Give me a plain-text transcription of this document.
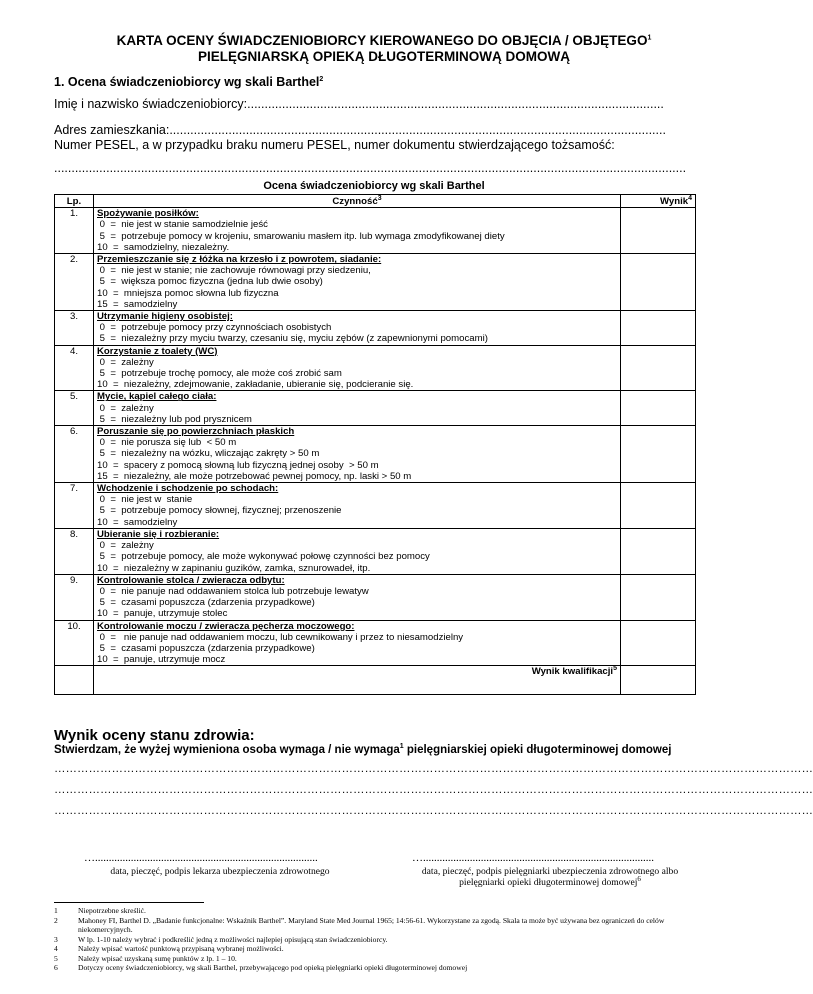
KARTA OCENY ŚWIADCZENIOBIORCY KIEROWANEGO DO OBJĘCIA / OBJĘTEGO$^1$
PIELĘGNIARSKĄ OPIEKĄ DŁUGOTERMINOWĄ DOMOWĄ
1. Ocena świadczeniobiorcy wg skali Barthel$^2$
Imię i nazwisko świadczeniobiorcy:........................................................................................................................
Adres zamieszkania:...............................................................................................................................................
Numer PESEL, a w przypadku braku numeru PESEL, numer dokumentu stwierdzającego tożsamość:
......................................................................................................................................................................................
Ocena świadczeniobiorcy wg skali Barthel
Lp.	Czynność$^3$	Wynik$^4$
1.	Spożywanie posiłków:
0  =  nie jest w stanie samodzielnie jeść
5  =  potrzebuje pomocy w krojeniu, smarowaniu masłem itp. lub wymaga zmodyfikowanej diety
10  =  samodzielny, niezależny.	

2.	Przemieszczanie się z łóżka na krzesło i z powrotem, siadanie:
0  =  nie jest w stanie; nie zachowuje równowagi przy siedzeniu,
5  =  większa pomoc fizyczna (jedna lub dwie osoby)
10  =  mniejsza pomoc słowna lub fizyczna
15  =  samodzielny	

3.	Utrzymanie higieny osobistej:
0  =  potrzebuje pomocy przy czynnościach osobistych
5  =  niezależny przy myciu twarzy, czesaniu się, myciu zębów (z zapewnionymi pomocami)	

4.	Korzystanie z toalety (WC)
0  =  zależny
5  =  potrzebuje trochę pomocy, ale może coś zrobić sam
10  =  niezależny, zdejmowanie, zakładanie, ubieranie się, podcieranie się.	

5.	Mycie, kąpiel całego ciała:
0  =  zależny
5  =  niezależny lub pod prysznicem	

6.	Poruszanie się po powierzchniach płaskich
0  =  nie porusza się lub  < 50 m
5  =  niezależny na wózku, wliczając zakręty > 50 m
10  =  spacery z pomocą słowną lub fizyczną jednej osoby  > 50 m
15  =  niezależny, ale może potrzebować pewnej pomocy, np. laski > 50 m	

7.	Wchodzenie i schodzenie po schodach:
0  =  nie jest w  stanie
5  =  potrzebuje pomocy słownej, fizycznej; przenoszenie
10  =  samodzielny	

8.	Ubieranie się i rozbieranie:
0  =  zależny
5  =  potrzebuje pomocy, ale może wykonywać połowę czynności bez pomocy
10  =  niezależny w zapinaniu guzików, zamka, sznurowadeł, itp.	

9.	Kontrolowanie stolca / zwieracza odbytu:
0  =  nie panuje nad oddawaniem stolca lub potrzebuje lewatyw
5  =  czasami popuszcza (zdarzenia przypadkowe)
10  =  panuje, utrzymuje stolec	

10.	Kontrolowanie moczu / zwieracza pęcherza moczowego:
0  =   nie panuje nad oddawaniem moczu, lub cewnikowany i przez to niesamodzielny
5  =  czasami popuszcza (zdarzenia przypadkowe)
10  =  panuje, utrzymuje mocz	

	Wynik kwalifikacji$^5$	
Wynik oceny stanu zdrowia:
Stwierdzam, że wyżej wymieniona osoba wymaga / nie wymaga$^1$ pielęgniarskiej opieki długoterminowej domowej
………………………………………………………………………………………………………………………………………………………………………………
………………………………………………………………………………………………………………………………………………………………………………
………………………………………………………………………………………………………………………………………………………………………………
….................................................................................
data, pieczęć, podpis lekarza ubezpieczenia zdrowotnego
…....................................................................................
data, pieczęć, podpis pielęgniarki ubezpieczenia zdrowotnego albo
pielęgniarki opieki długoterminowej domowej$^6$
1	Niepotrzebne skreślić.
2	Mahoney FI, Barthel D. „Badanie funkcjonalne: Wskaźnik Barthel”. Maryland State Med Journal 1965; 14:56-61. Wykorzystane za zgodą. Skala ta może być używana bez ograniczeń do celów niekomercyjnych.
3	W lp. 1-10 należy wybrać i podkreślić jedną z możliwości najlepiej opisującą stan świadczeniobiorcy.
4	Należy wpisać wartość punktową przypisaną wybranej możliwości.
5	Należy wpisać uzyskaną sumę punktów z lp. 1 – 10.
6	Dotyczy oceny świadczeniobiorcy, wg skali Barthel, przebywającego pod opieką pielęgniarki opieki długoterminowej domowej
